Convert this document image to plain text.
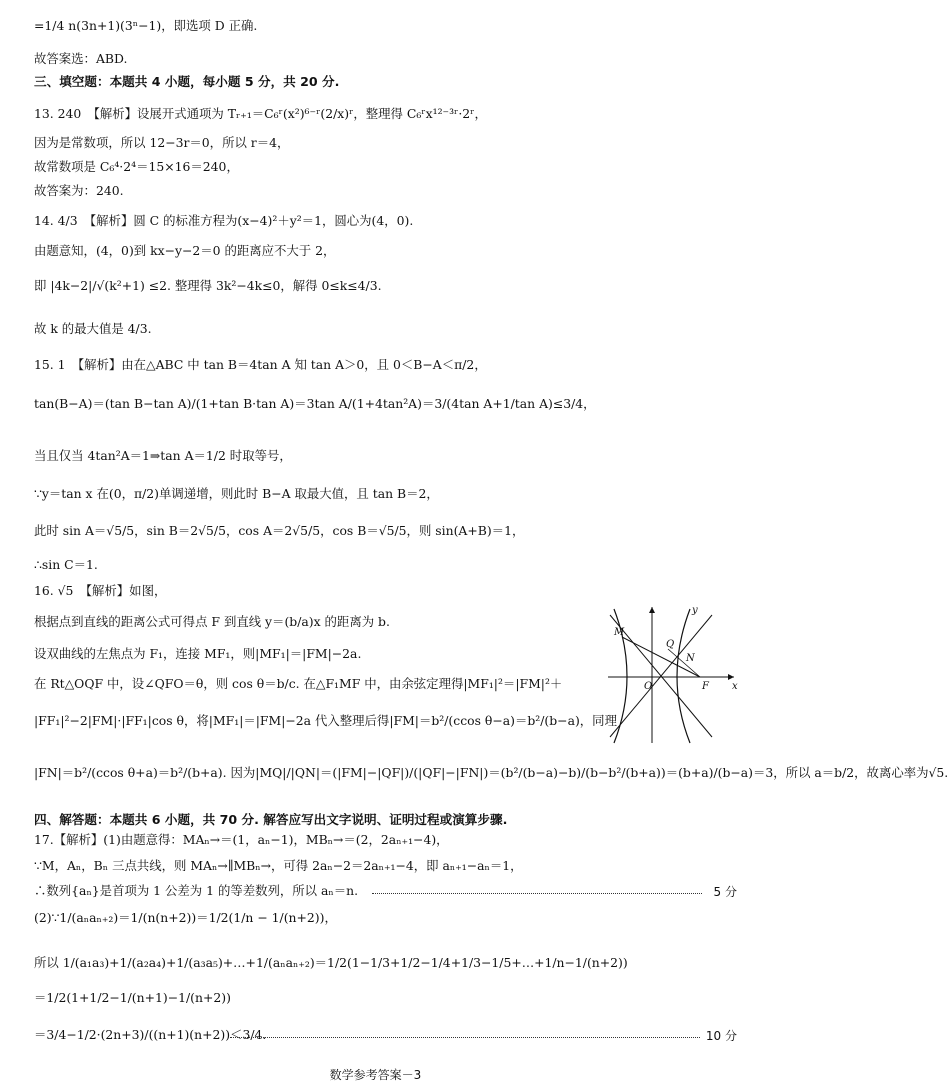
=1/4 n(3n+1)(3ⁿ−1)，即选项 D 正确.
故答案选：ABD.
三、填空题：本题共 4 小题，每小题 5 分，共 20 分.
13. 240　【解析】设展开式通项为 Tᵣ₊₁＝C₆ʳ(x²)⁶⁻ʳ(2/x)ʳ，整理得 C₆ʳx¹²⁻³ʳ·2ʳ，
因为是常数项，所以 12−3r＝0，所以 r＝4，
故常数项是 C₆⁴·2⁴＝15×16＝240，
故答案为：240.
14. 4/3　【解析】圆 C 的标准方程为(x−4)²＋y²＝1，圆心为(4，0).
由题意知，(4，0)到 kx−y−2＝0 的距离应不大于 2，
即 |4k−2|/√(k²+1) ≤2. 整理得 3k²−4k≤0，解得 0≤k≤4/3.
故 k 的最大值是 4/3.
15. 1　【解析】由在△ABC 中 tan B＝4tan A 知 tan A＞0，且 0＜B−A＜π/2，
tan(B−A)＝(tan B−tan A)/(1+tan B·tan A)＝3tan A/(1+4tan²A)＝3/(4tan A+1/tan A)≤3/4，
当且仅当 4tan²A＝1⇒tan A＝1/2 时取等号，
∵y＝tan x 在(0，π/2)单调递增，则此时 B−A 取最大值，且 tan B＝2，
此时 sin A＝√5/5，sin B＝2√5/5，cos A＝2√5/5，cos B＝√5/5，则 sin(A+B)＝1，
∴sin C＝1.
16. √5　【解析】如图，
根据点到直线的距离公式可得点 F 到直线 y＝(b/a)x 的距离为 b.
设双曲线的左焦点为 F₁，连接 MF₁，则|MF₁|＝|FM|−2a.
在 Rt△OQF 中，设∠QFO＝θ，则 cos θ＝b/c. 在△F₁MF 中，由余弦定理得|MF₁|²＝|FM|²＋
|FF₁|²−2|FM|·|FF₁|cos θ，将|MF₁|＝|FM|−2a 代入整理后得|FM|＝b²/(ccos θ−a)＝b²/(b−a)，同理
|FN|＝b²/(ccos θ+a)＝b²/(b+a). 因为|MQ|/|QN|＝(|FM|−|QF|)/(|QF|−|FN|)＝(b²/(b−a)−b)/(b−b²/(b+a))＝(b+a)/(b−a)＝3，所以 a＝b/2，故离心率为√5.
四、解答题：本题共 6 小题，共 70 分. 解答应写出文字说明、证明过程或演算步骤.
17.【解析】(1)由题意得：MAₙ→＝(1，aₙ−1)，MBₙ→＝(2，2aₙ₊₁−4)，
∵M，Aₙ，Bₙ 三点共线，则 MAₙ→∥MBₙ→，可得 2aₙ−2＝2aₙ₊₁−4，即 aₙ₊₁−aₙ＝1，
∴数列{aₙ}是首项为 1 公差为 1 的等差数列，所以 aₙ＝n.
(2)∵1/(aₙaₙ₊₂)＝1/(n(n+2))＝1/2(1/n − 1/(n+2))，
所以 1/(a₁a₃)+1/(a₂a₄)+1/(a₃a₅)+…+1/(aₙaₙ₊₂)＝1/2(1−1/3+1/2−1/4+1/3−1/5+…+1/n−1/(n+2))
＝1/2(1+1/2−1/(n+1)−1/(n+2))
＝3/4−1/2·(2n+3)/((n+1)(n+2))＜3/4.
5 分
10 分
y
x
M
Q
N
O	F
数学参考答案－3
